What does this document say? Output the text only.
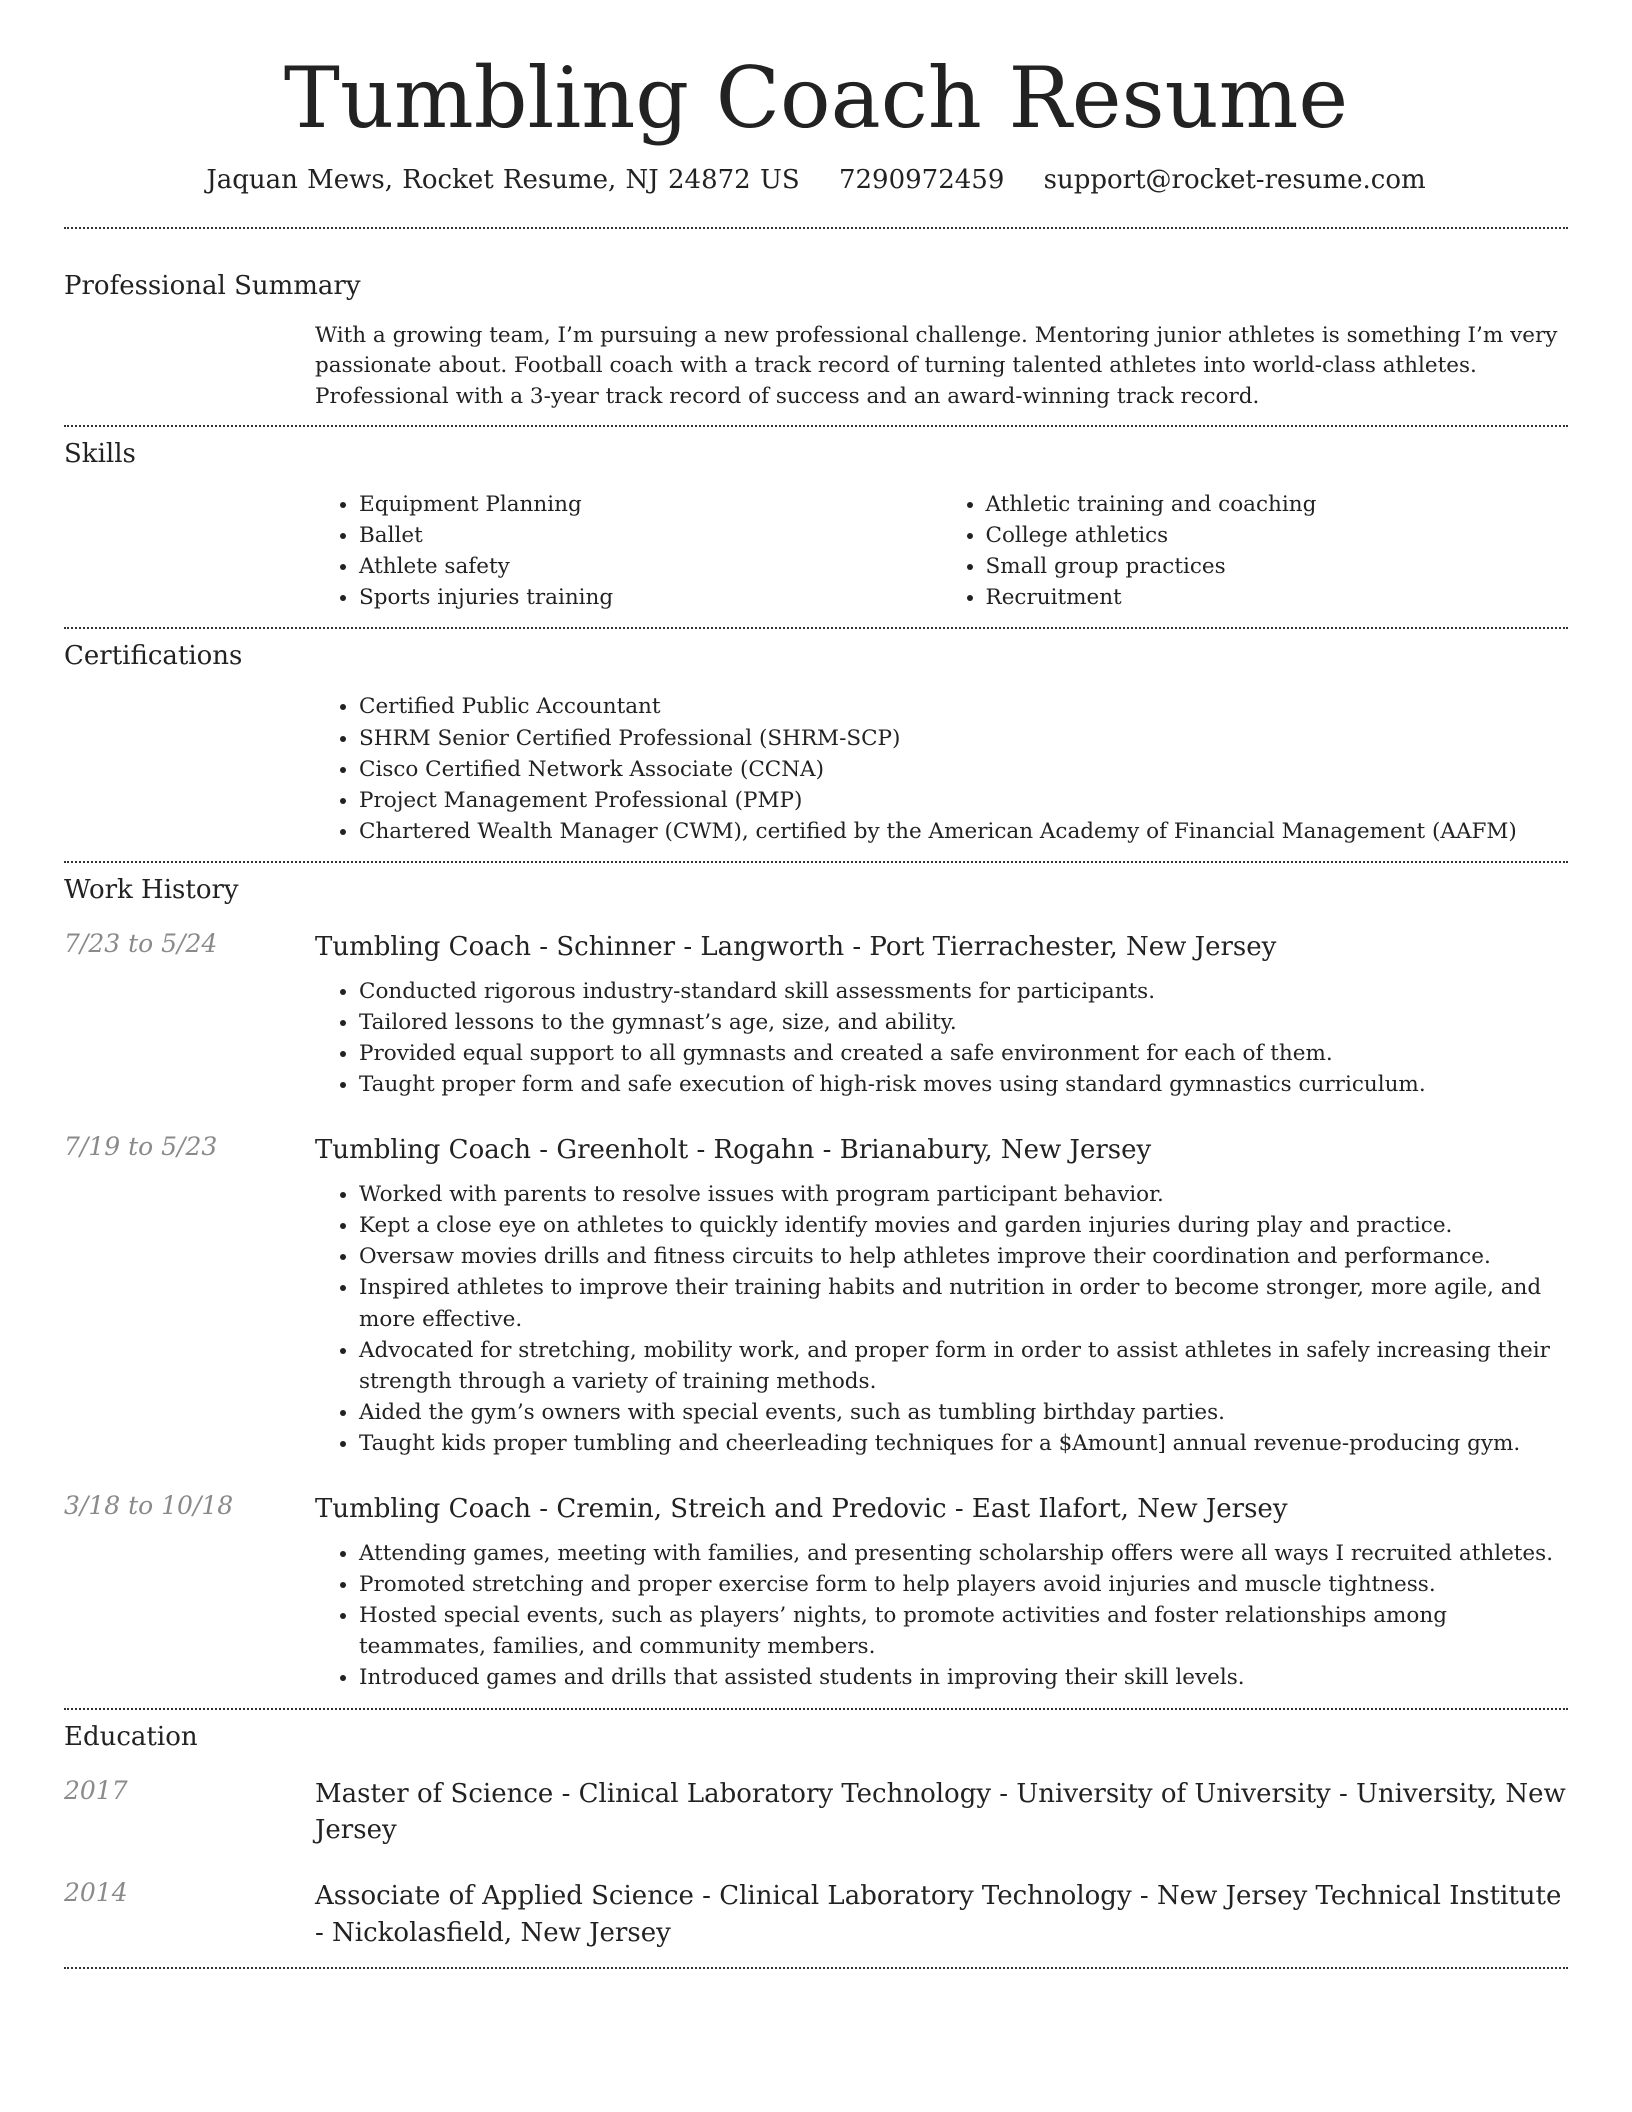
Tumbling Coach Resume
Jaquan Mews, Rocket Resume, NJ 24872 US 7290972459 support@rocket-resume.com
Professional Summary
With a growing team, I’m pursuing a new professional challenge. Mentoring junior athletes is something I’m very passionate about. Football coach with a track record of turning talented athletes into world-class athletes. Professional with a 3-year track record of success and an award-winning track record.
Skills
• Equipment Planning
• Ballet
• Athlete safety
• Sports injuries training
• Athletic training and coaching
• College athletics
• Small group practices
• Recruitment
Certifications
• Certified Public Accountant
• SHRM Senior Certified Professional (SHRM-SCP)
• Cisco Certified Network Associate (CCNA)
• Project Management Professional (PMP)
• Chartered Wealth Manager (CWM), certified by the American Academy of Financial Management (AAFM)
Work History
7/23 to 5/24	Tumbling Coach - Schinner - Langworth - Port Tierrachester, New Jersey
• Conducted rigorous industry-standard skill assessments for participants.
• Tailored lessons to the gymnast’s age, size, and ability.
• Provided equal support to all gymnasts and created a safe environment for each of them.
• Taught proper form and safe execution of high-risk moves using standard gymnastics curriculum.
7/19 to 5/23	Tumbling Coach - Greenholt - Rogahn - Brianabury, New Jersey
• Worked with parents to resolve issues with program participant behavior.
• Kept a close eye on athletes to quickly identify movies and garden injuries during play and practice.
• Oversaw movies drills and fitness circuits to help athletes improve their coordination and performance.
• Inspired athletes to improve their training habits and nutrition in order to become stronger, more agile, and more effective.
• Advocated for stretching, mobility work, and proper form in order to assist athletes in safely increasing their strength through a variety of training methods.
• Aided the gym’s owners with special events, such as tumbling birthday parties.
• Taught kids proper tumbling and cheerleading techniques for a $Amount] annual revenue-producing gym.
3/18 to 10/18	Tumbling Coach - Cremin, Streich and Predovic - East Ilafort, New Jersey
• Attending games, meeting with families, and presenting scholarship offers were all ways I recruited athletes.
• Promoted stretching and proper exercise form to help players avoid injuries and muscle tightness.
• Hosted special events, such as players’ nights, to promote activities and foster relationships among teammates, families, and community members.
• Introduced games and drills that assisted students in improving their skill levels.
Education
2017	Master of Science - Clinical Laboratory Technology - University of University - University, New Jersey
2014	Associate of Applied Science - Clinical Laboratory Technology - New Jersey Technical Institute - Nickolasfield, New Jersey
